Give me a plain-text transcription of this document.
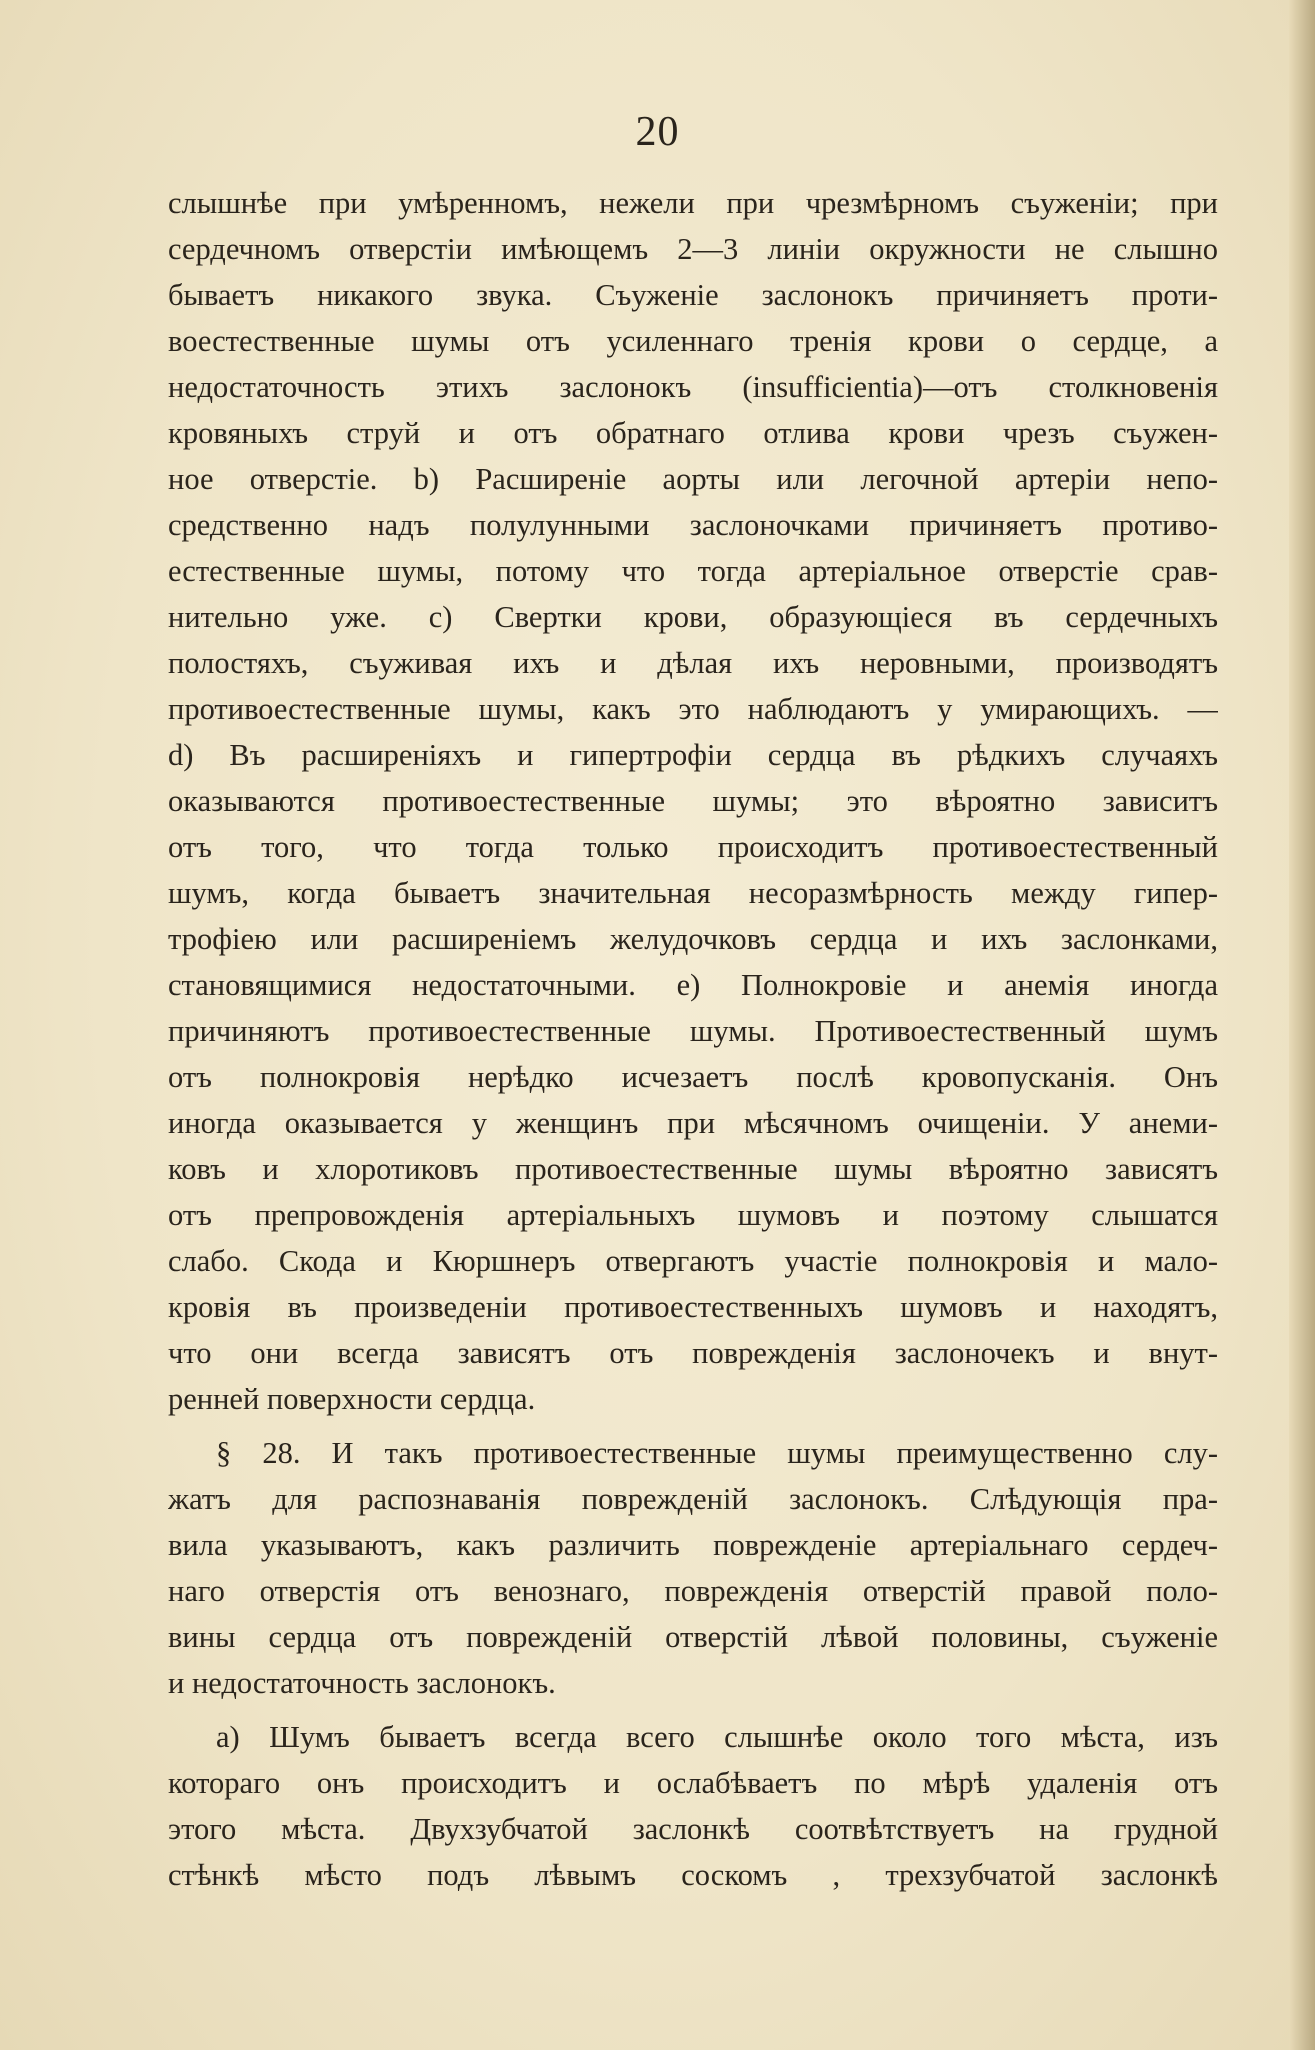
20
слышнѣе при умѣренномъ, нежели при чрезмѣрномъ съуженіи; при
сердечномъ отверстіи имѣющемъ 2—3 линіи окружности не слышно
бываетъ никакого звука. Съуженіе заслонокъ причиняетъ проти-
воестественные шумы отъ усиленнаго тренія крови о сердце, а
недостаточность этихъ заслонокъ (insufficientia)—отъ столкновенія
кровяныхъ струй и отъ обратнаго отлива крови чрезъ съужен-
ное отверстіе. b) Расширеніе аорты или легочной артеріи непо-
средственно надъ полулунными заслоночками причиняетъ противо-
естественные шумы, потому что тогда артеріальное отверстіе срав-
нительно уже. c) Свертки крови, образующіеся въ сердечныхъ
полостяхъ, съуживая ихъ и дѣлая ихъ неровными, производятъ
противоестественные шумы, какъ это наблюдаютъ у умирающихъ. —
d) Въ расширеніяхъ и гипертрофіи сердца въ рѣдкихъ случаяхъ
оказываются противоестественные шумы; это вѣроятно зависитъ
отъ того, что тогда только происходитъ противоестественный
шумъ, когда бываетъ значительная несоразмѣрность между гипер-
трофіею или расширеніемъ желудочковъ сердца и ихъ заслонками,
становящимися недостаточными. e) Полнокровіе и анемія иногда
причиняютъ противоестественные шумы. Противоестественный шумъ
отъ полнокровія нерѣдко исчезаетъ послѣ кровопусканія. Онъ
иногда оказывается у женщинъ при мѣсячномъ очищеніи. У анеми-
ковъ и хлоротиковъ противоестественные шумы вѣроятно зависятъ
отъ препровожденія артеріальныхъ шумовъ и поэтому слышатся
слабо. Скода и Кюршнеръ отвергаютъ участіе полнокровія и мало-
кровія въ произведеніи противоестественныхъ шумовъ и находятъ,
что они всегда зависятъ отъ поврежденія заслоночекъ и внут-
ренней поверхности сердца.
§ 28. И такъ противоестественные шумы преимущественно слу-
жатъ для распознаванія поврежденій заслонокъ. Слѣдующія пра-
вила указываютъ, какъ различить поврежденіе артеріальнаго сердеч-
наго отверстія отъ венознаго, поврежденія отверстій правой поло-
вины сердца отъ поврежденій отверстій лѣвой половины, съуженіе
и недостаточность заслонокъ.
a) Шумъ бываетъ всегда всего слышнѣе около того мѣста, изъ
котораго онъ происходитъ и ослабѣваетъ по мѣрѣ удаленія отъ
этого мѣста. Двухзубчатой заслонкѣ соотвѣтствуетъ на грудной
стѣнкѣ мѣсто подъ лѣвымъ соскомъ , трехзубчатой заслонкѣ
